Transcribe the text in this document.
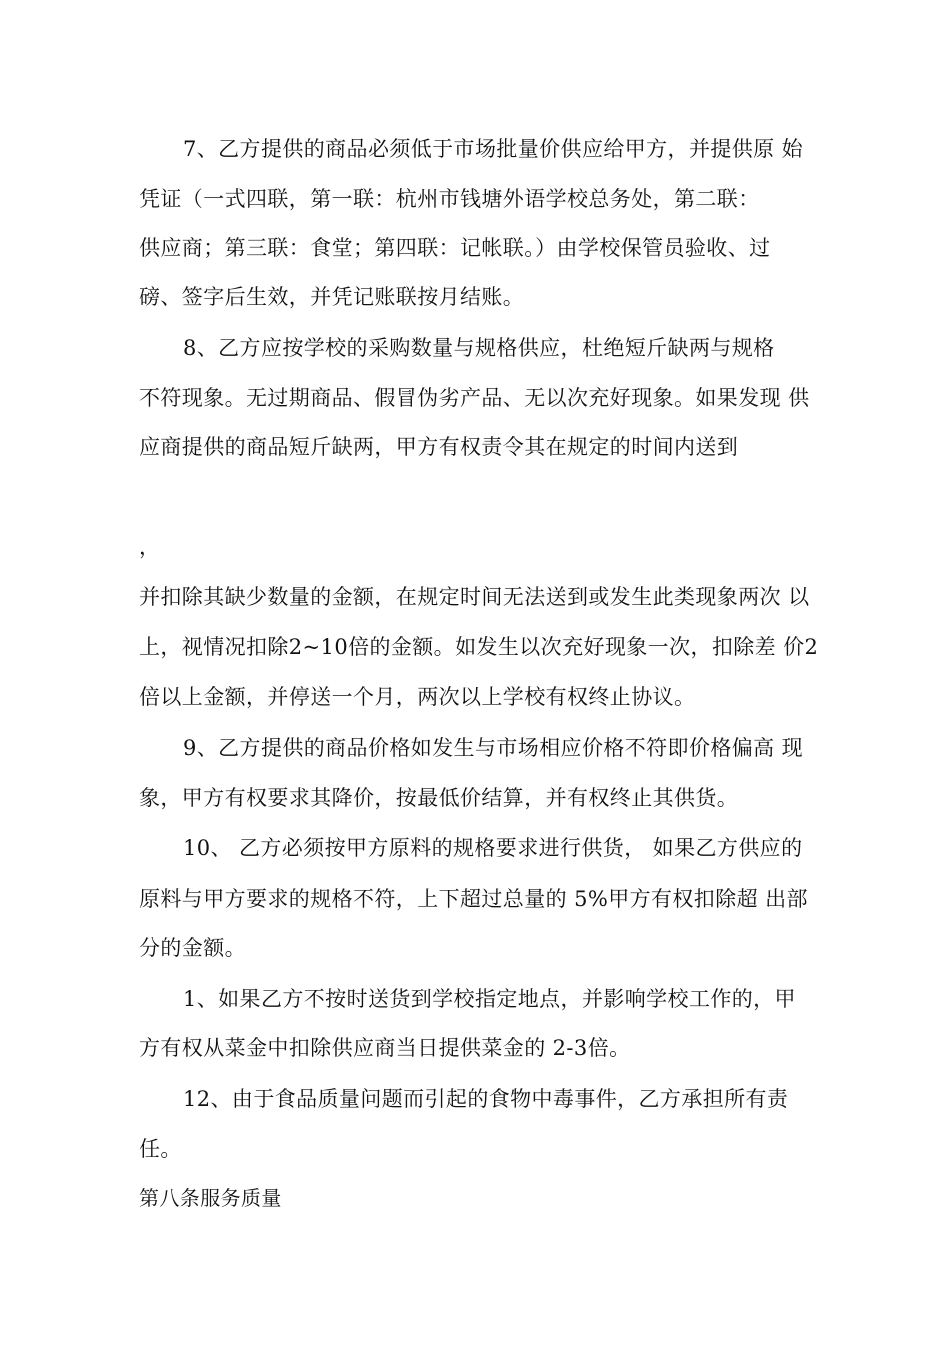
7、乙方提供的商品必须低于市场批量价供应给甲方，并提供原 始
凭证（一式四联，第一联：杭州市钱塘外语学校总务处，第二联：
供应商；第三联：食堂；第四联：记帐联。）由学校保管员验收、过
磅、签字后生效，并凭记账联按月结账。
8、乙方应按学校的采购数量与规格供应，杜绝短斤缺两与规格
不符现象。无过期商品、假冒伪劣产品、无以次充好现象。如果发现 供
应商提供的商品短斤缺两，甲方有权责令其在规定的时间内送到
，
并扣除其缺少数量的金额，在规定时间无法送到或发生此类现象两次 以
上，视情况扣除2~10倍的金额。如发生以次充好现象一次，扣除差 价2
倍以上金额，并停送一个月，两次以上学校有权终止协议。
9、乙方提供的商品价格如发生与市场相应价格不符即价格偏高 现
象，甲方有权要求其降价，按最低价结算，并有权终止其供货。
10、 乙方必须按甲方原料的规格要求进行供货， 如果乙方供应的
原料与甲方要求的规格不符，上下超过总量的 5%甲方有权扣除超 出部
分的金额。
1、如果乙方不按时送货到学校指定地点，并影响学校工作的，甲
方有权从菜金中扣除供应商当日提供菜金的 2-3倍。
12、由于食品质量问题而引起的食物中毒事件，乙方承担所有责
任。
第八条服务质量
